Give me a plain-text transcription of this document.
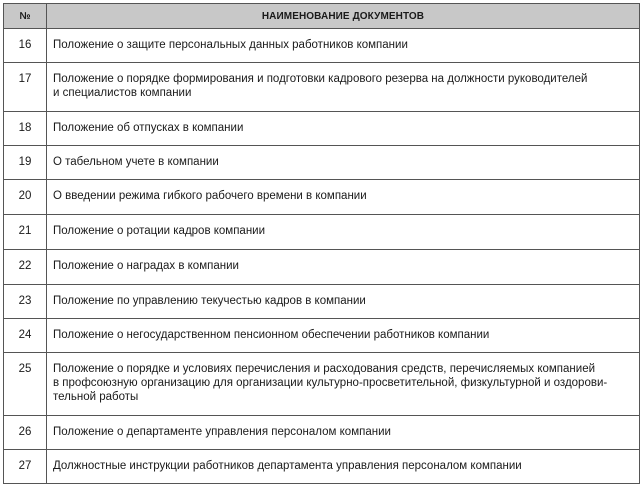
№	НАИМЕНОВАНИЕ ДОКУМЕНТОВ
16	Положение о защите персональных данных работников компании
17	Положение о порядке формирования и подготовки кадрового резерва на должности руководителей
и специалистов компании
18	Положение об отпусках в компании
19	О табельном учете в компании
20	О введении режима гибкого рабочего времени в компании
21	Положение о ротации кадров компании
22	Положение о наградах в компании
23	Положение по управлению текучестью кадров в компании
24	Положение о негосударственном пенсионном обеспечении работников компании
25	Положение о порядке и условиях перечисления и расходования средств, перечисляемых компанией
в профсоюзную организацию для организации культурно-просветительной, физкультурной и оздорови-
тельной работы
26	Положение о департаменте управления персоналом компании
27	Должностные инструкции работников департамента управления персоналом компании
